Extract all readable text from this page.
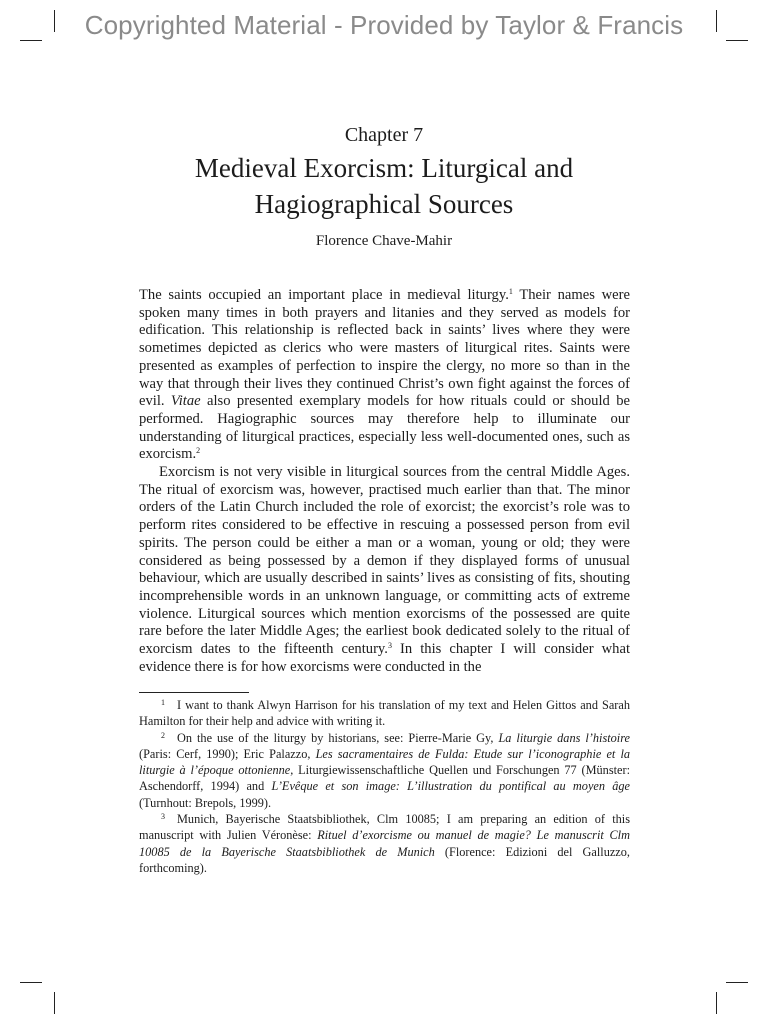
Copyrighted Material - Provided by Taylor & Francis
Chapter 7
Medieval Exorcism: Liturgical and
Hagiographical Sources
Florence Chave-Mahir

The saints occupied an important place in medieval liturgy.$^1$ Their names were spoken many times in both prayers and litanies and they served as models for edification. This relationship is reflected back in saints’ lives where they were sometimes depicted as clerics who were masters of liturgical rites. Saints were presented as examples of perfection to inspire the clergy, no more so than in the way that through their lives they continued Christ’s own fight against the forces of evil. Vitae also presented exemplary models for how rituals could or should be performed. Hagiographic sources may therefore help to illuminate our understanding of liturgical practices, especially less well-documented ones, such as exorcism.$^2$

Exorcism is not very visible in liturgical sources from the central Middle Ages. The ritual of exorcism was, however, practised much earlier than that. The minor orders of the Latin Church included the role of exorcist; the exorcist’s role was to perform rites considered to be effective in rescuing a possessed person from evil spirits. The person could be either a man or a woman, young or old; they were considered as being possessed by a demon if they displayed forms of unusual behaviour, which are usually described in saints’ lives as consisting of fits, shouting incomprehensible words in an unknown language, or committing acts of extreme violence. Liturgical sources which mention exorcisms of the possessed are quite rare before the later Middle Ages; the earliest book dedicated solely to the ritual of exorcism dates to the fifteenth century.$^3$ In this chapter I will consider what evidence there is for how exorcisms were conducted in the

$^1$ I want to thank Alwyn Harrison for his translation of my text and Helen Gittos and Sarah Hamilton for their help and advice with writing it.

$^2$ On the use of the liturgy by historians, see: Pierre-Marie Gy, La liturgie dans l’histoire (Paris: Cerf, 1990); Eric Palazzo, Les sacramentaires de Fulda: Etude sur l’iconographie et la liturgie à l’époque ottonienne, Liturgiewissenschaftliche Quellen und Forschungen 77 (Münster: Aschendorff, 1994) and L’Evêque et son image: L’illustration du pontifical au moyen âge (Turnhout: Brepols, 1999).

$^3$ Munich, Bayerische Staatsbibliothek, Clm 10085; I am preparing an edition of this manuscript with Julien Véronèse: Rituel d’exorcisme ou manuel de magie? Le manuscrit Clm 10085 de la Bayerische Staatsbibliothek de Munich (Florence: Edizioni del Galluzzo, forthcoming).
